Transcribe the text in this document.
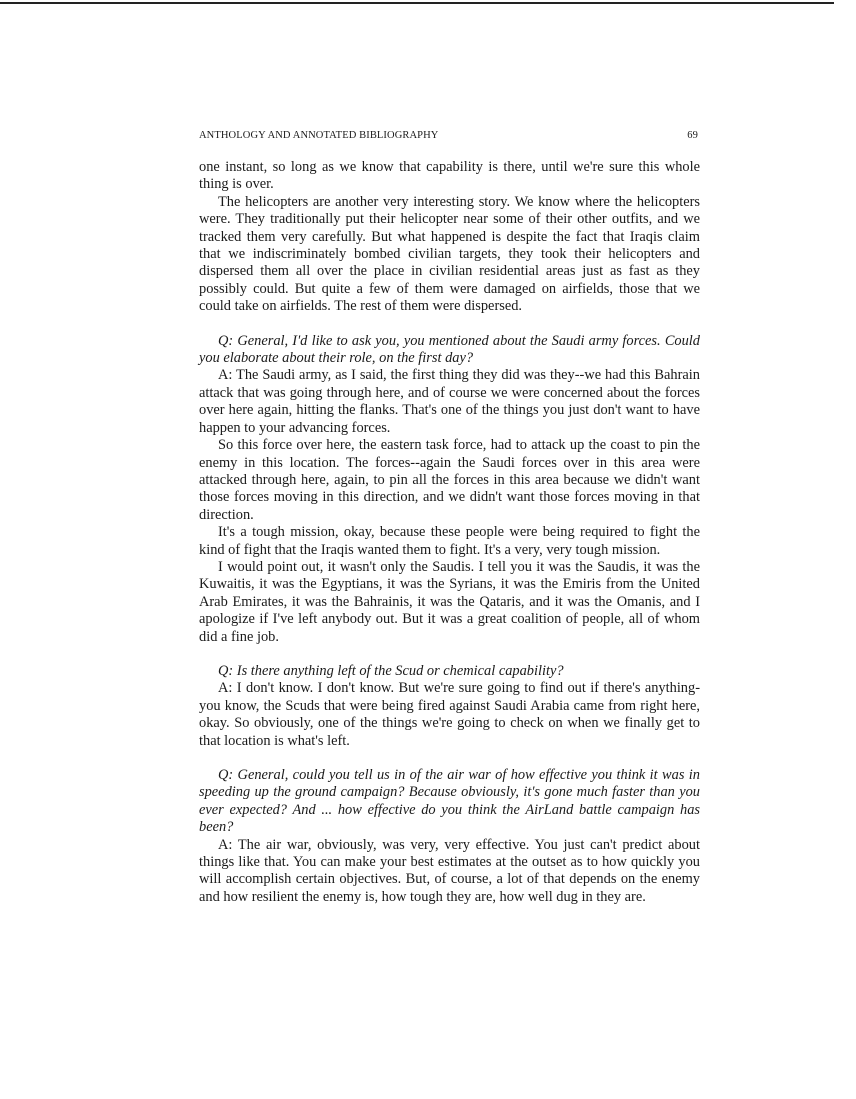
ANTHOLOGY AND ANNOTATED BIBLIOGRAPHY	69

one instant, so long as we know that capability is there, until we're sure this whole thing is over.

The helicopters are another very interesting story. We know where the helicopters were. They traditionally put their helicopter near some of their other outfits, and we tracked them very carefully. But what happened is despite the fact that Iraqis claim that we indiscriminately bombed civilian targets, they took their helicopters and dispersed them all over the place in civilian residential areas just as fast as they possibly could. But quite a few of them were damaged on airfields, those that we could take on airfields. The rest of them were dispersed.

Q: General, I'd like to ask you, you mentioned about the Saudi army forces. Could you elaborate about their role, on the first day?

A: The Saudi army, as I said, the first thing they did was they--we had this Bahrain attack that was going through here, and of course we were concerned about the forces over here again, hitting the flanks. That's one of the things you just don't want to have happen to your advancing forces.

So this force over here, the eastern task force, had to attack up the coast to pin the enemy in this location. The forces--again the Saudi forces over in this area were attacked through here, again, to pin all the forces in this area because we didn't want those forces moving in this direction, and we didn't want those forces moving in that direction.

It's a tough mission, okay, because these people were being required to fight the kind of fight that the Iraqis wanted them to fight. It's a very, very tough mission.

I would point out, it wasn't only the Saudis. I tell you it was the Saudis, it was the Kuwaitis, it was the Egyptians, it was the Syrians, it was the Emiris from the United Arab Emirates, it was the Bahrainis, it was the Qataris, and it was the Omanis, and I apologize if I've left anybody out. But it was a great coalition of people, all of whom did a fine job.

Q: Is there anything left of the Scud or chemical capability?

A: I don't know. I don't know. But we're sure going to find out if there's anything-you know, the Scuds that were being fired against Saudi Arabia came from right here, okay. So obviously, one of the things we're going to check on when we finally get to that location is what's left.

Q: General, could you tell us in of the air war of how effective you think it was in speeding up the ground campaign? Because obviously, it's gone much faster than you ever expected? And ... how effective do you think the AirLand battle campaign has been?

A: The air war, obviously, was very, very effective. You just can't predict about things like that. You can make your best estimates at the outset as to how quickly you will accomplish certain objectives. But, of course, a lot of that depends on the enemy and how resilient the enemy is, how tough they are, how well dug in they are.
